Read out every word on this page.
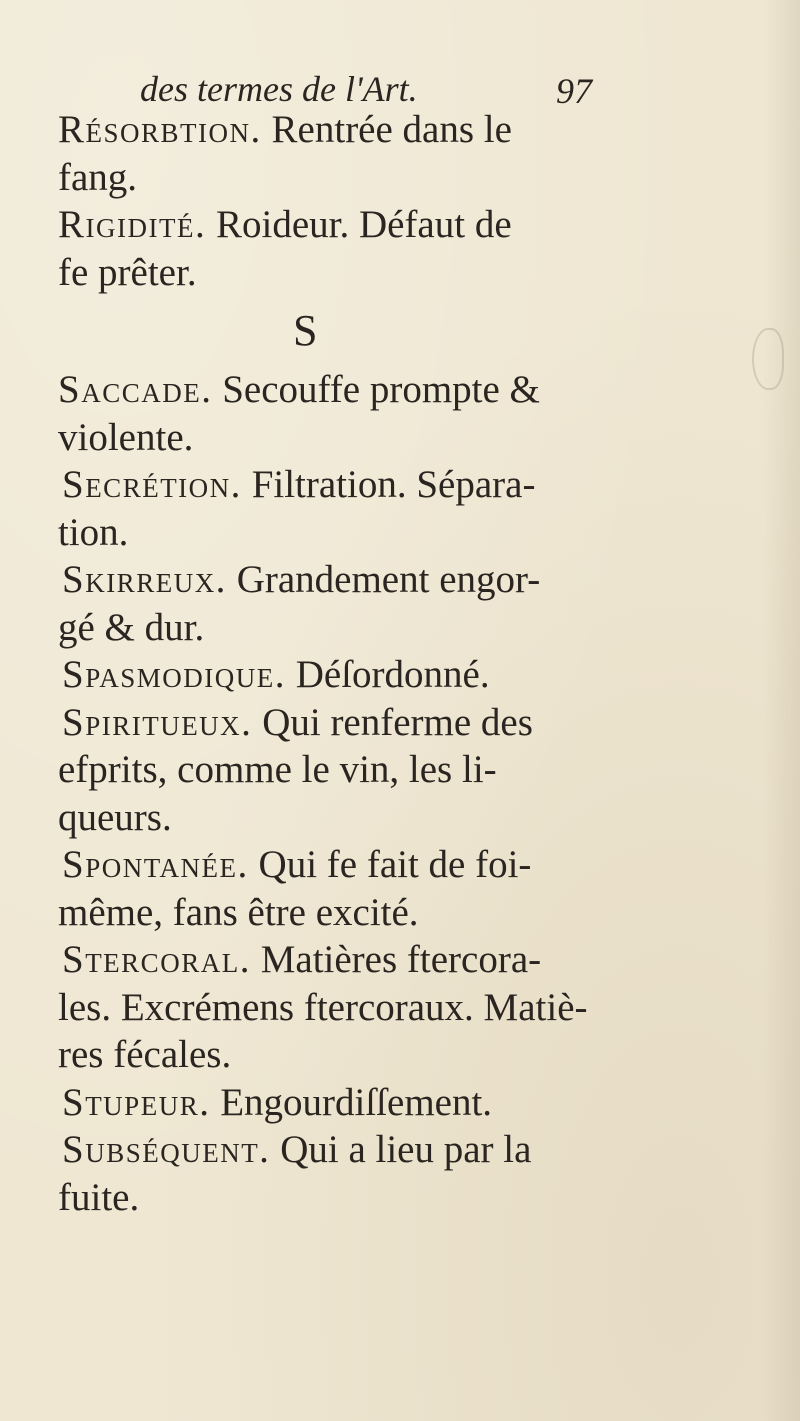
des termes de l'Art.	97
Résorbtion. Rentrée dans le
fang.
Rigidité. Roideur. Défaut de
fe prêter.
S
Saccade. Secouffe prompte &
violente.
Secrétion. Filtration. Sépara-
tion.
Skirreux. Grandement engor-
gé & dur.
Spasmodique. Déſordonné.
Spiritueux. Qui renferme des
efprits, comme le vin, les li-
queurs.
Spontanée. Qui fe fait de foi-
même, fans être excité.
Stercoral. Matières ftercora-
les. Excrémens ftercoraux. Matiè-
res fécales.
Stupeur. Engourdiſſement.
Subséquent. Qui a lieu par la
fuite.
